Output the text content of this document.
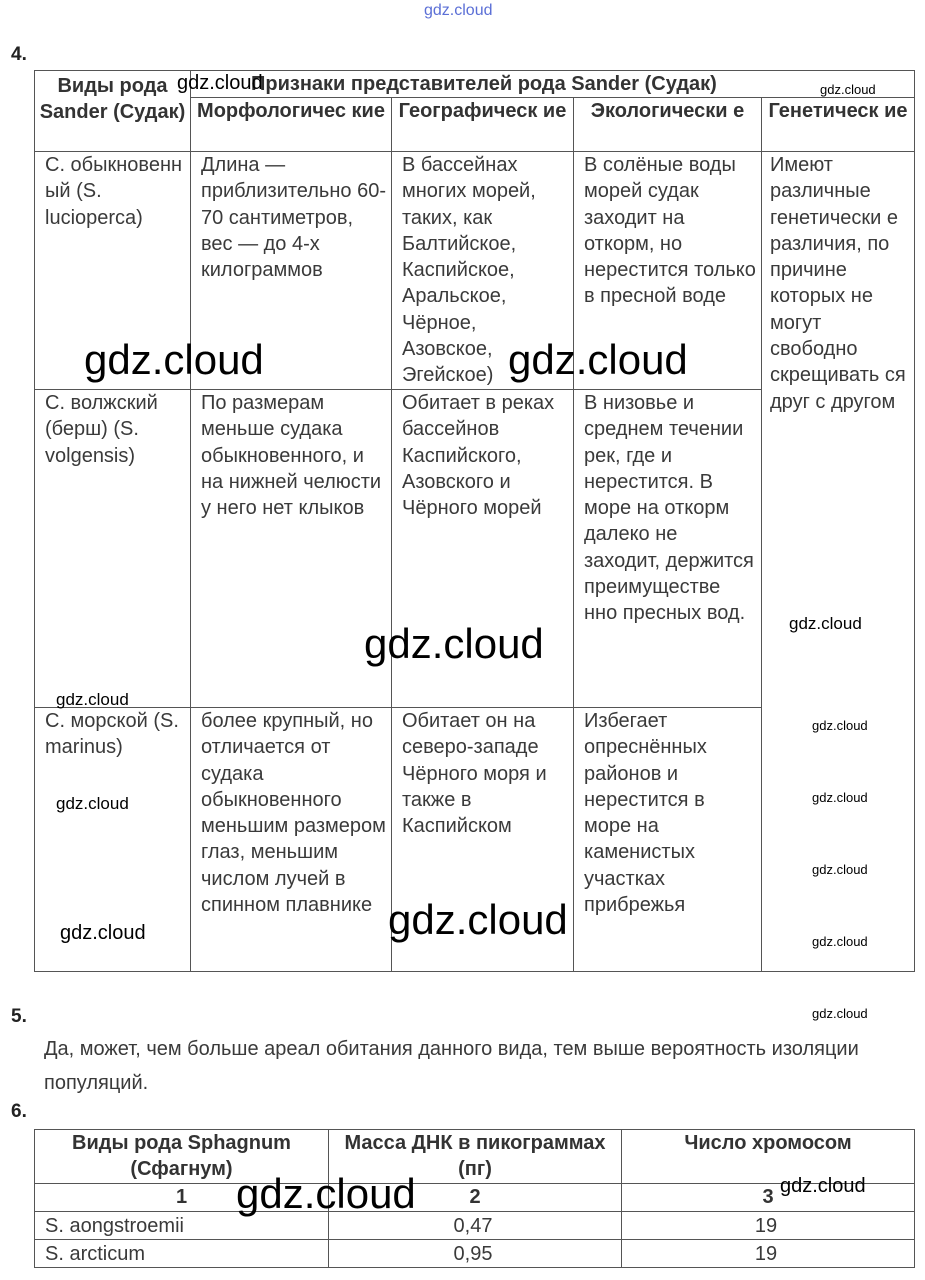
gdz.cloud
4.
Виды рода Sander (Судак)	Признаки представителей рода Sander (Судак)			
	Морфологичес кие	Географическ ие	Экологически е	Генетическ ие
С. обыкновенн ый (S. lucioperca)	Длина — приблизительно 60-70 сантиметров, вес — до 4-х килограммов	В бассейнах многих морей, таких, как Балтийское, Каспийское, Аральское, Чёрное, Азовское, Эгейское)	В солёные воды морей судак заходит на откорм, но нерестится только в пресной воде	Имеют различные генетически е различия, по причине которых не могут свободно скрещивать ся друг с другом
С. волжский (берш) (S. volgensis)	По размерам меньше судака обыкновенного, и на нижней челюсти у него нет клыков	Обитает в реках бассейнов Каспийского, Азовского и Чёрного морей	В низовье и среднем течении рек, где и нерестится. В море на откорм далеко не заходит, держится преимуществе нно пресных вод.	
С. морской (S. marinus)	более крупный, но отличается от судака обыкновенного меньшим размером глаз, меньшим числом лучей в спинном плавнике	Обитает он на северо-западе Чёрного моря и также в Каспийском	Избегает опреснённых районов и нерестится в море на каменистых участках прибрежья	
5.
Да, может, чем больше ареал обитания данного вида, тем выше вероятность изоляции популяций.
6.
Виды рода Sphagnum (Сфагнум)	Масса ДНК в пикограммах (пг)	Число хромосом
1	2	3
S. aongstroemii	0,47	19
S. arcticum	0,95	19
gdz.cloud	gdz.cloud
gdz.cloud	gdz.cloud
gdz.cloud
gdz.cloud
gdz.cloud
gdz.cloud
gdz.cloud
gdz.cloud
gdz.cloud
gdz.cloud
gdz.cloud	gdz.cloud
gdz.cloud
gdz.cloud	gdz.cloud
